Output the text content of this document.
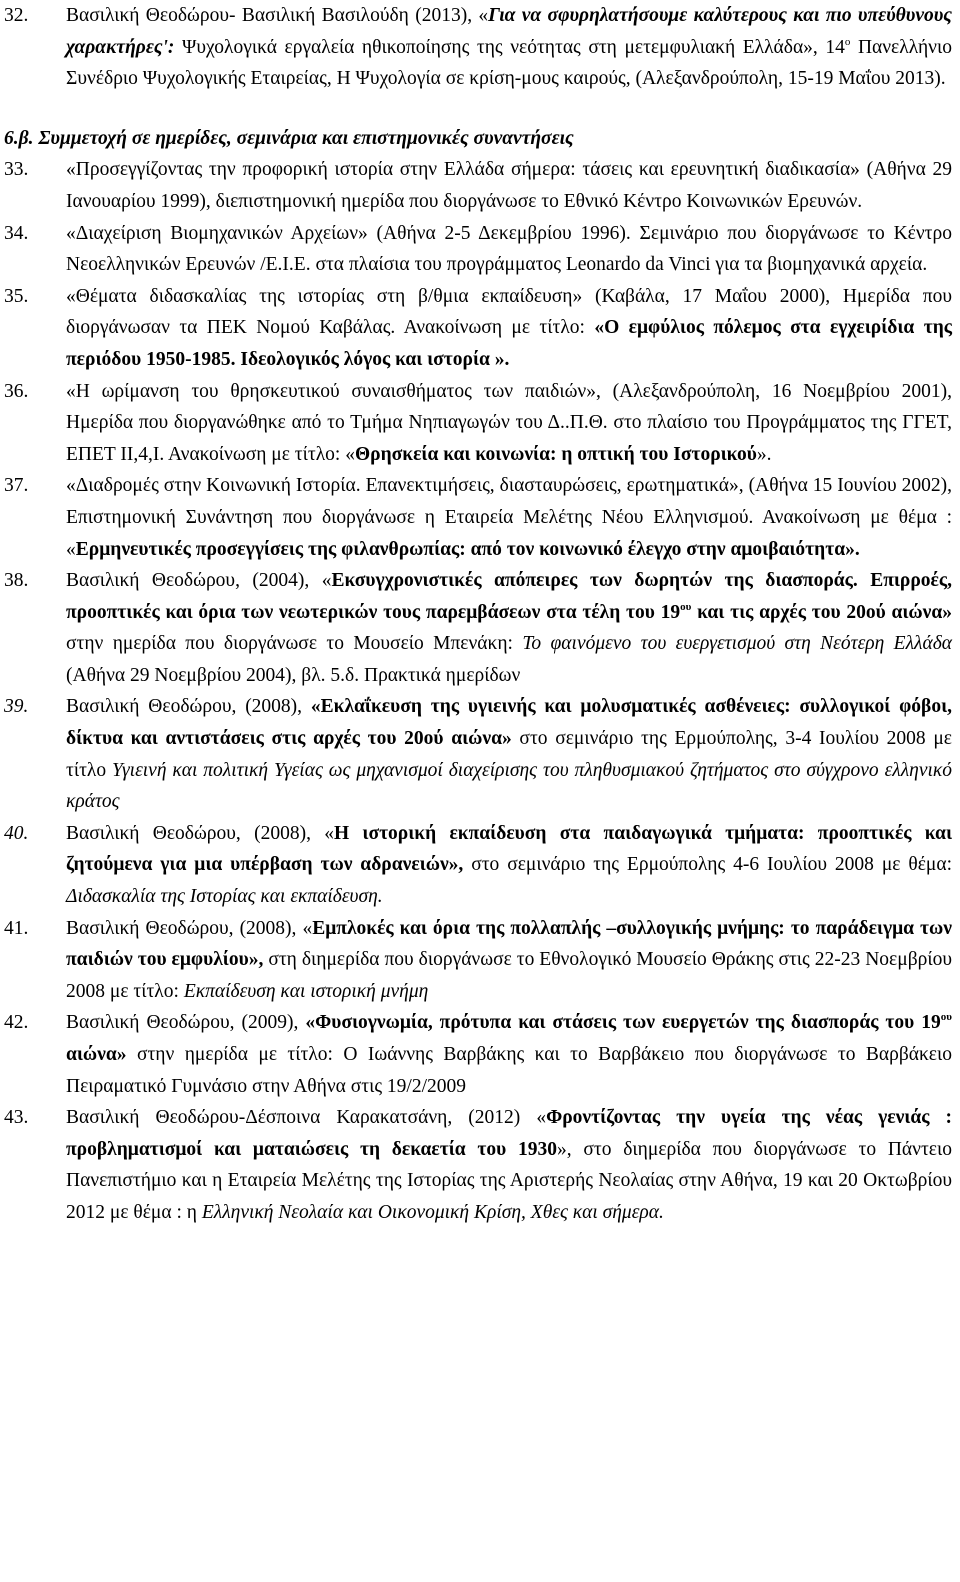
32.	Βασιλική Θεοδώρου- Βασιλική Βασιλούδη (2013), «Για να σφυρηλατήσουμε καλύτερους και πιο υπεύθυνους χαρακτήρες': Ψυχολογικά εργαλεία ηθικοποίησης της νεότητας στη μετεμφυλιακή Ελλάδα», $14^o$ Πανελλήνιο Συνέδριο Ψυχολογικής Εταιρείας, Η Ψυχολογία σε κρίση-μους καιρούς, (Αλεξανδρούπολη, 15-19 Μαΐου 2013).
6.β. Συμμετοχή σε ημερίδες, σεμινάρια και επιστημονικές συναντήσεις
33.	«Προσεγγίζοντας την προφορική ιστορία στην Ελλάδα σήμερα: τάσεις και ερευνητική διαδικασία» (Αθήνα 29 Ιανουαρίου 1999), διεπιστημονική ημερίδα που διοργάνωσε το Εθνικό Κέντρο Κοινωνικών Ερευνών.
34.	«Διαχείριση Βιομηχανικών Αρχείων» (Αθήνα 2-5 Δεκεμβρίου 1996). Σεμινάριο που διοργάνωσε το Κέντρο Νεοελληνικών Ερευνών /Ε.Ι.Ε. στα πλαίσια του προγράμματος Leonardo da Vinci για τα βιομηχανικά αρχεία.
35.	«Θέματα διδασκαλίας της ιστορίας στη β/θμια εκπαίδευση» (Καβάλα, 17 Μαΐου 2000), Ημερίδα που διοργάνωσαν τα ΠΕΚ Νομού Καβάλας. Ανακοίνωση με τίτλο: «Ο εμφύλιος πόλεμος στα εγχειρίδια της περιόδου 1950-1985. Ιδεολογικός λόγος και ιστορία ».
36.	«Η ωρίμανση του θρησκευτικού συναισθήματος των παιδιών», (Αλεξανδρούπολη, 16 Νοεμβρίου 2001), Ημερίδα που διοργανώθηκε από το Τμήμα Νηπιαγωγών του Δ..Π.Θ. στο πλαίσιο του Προγράμματος της ΓΓΕΤ, ΕΠΕΤ ΙΙ,4,Ι. Ανακοίνωση με τίτλο: «Θρησκεία και κοινωνία: η οπτική του Ιστορικού».
37.	«Διαδρομές στην Κοινωνική Ιστορία. Επανεκτιμήσεις, διασταυρώσεις, ερωτηματικά», (Αθήνα 15 Ιουνίου 2002), Επιστημονική Συνάντηση που διοργάνωσε η Εταιρεία Μελέτης Νέου Ελληνισμού. Ανακοίνωση με θέμα : «Ερμηνευτικές προσεγγίσεις της φιλανθρωπίας: από τον κοινωνικό έλεγχο στην αμοιβαιότητα».
38.	Βασιλική Θεοδώρου, (2004), «Εκσυγχρονιστικές απόπειρες των δωρητών της διασποράς. Επιρροές, προοπτικές και όρια των νεωτερικών τους παρεμβάσεων στα τέλη του $19^{o\upsilon}$ και τις αρχές του 20ού αιώνα» στην ημερίδα που διοργάνωσε το Μουσείο Μπενάκη: Το φαινόμενο του ευεργετισμού στη Νεότερη Ελλάδα (Αθήνα 29 Νοεμβρίου 2004), βλ. 5.δ. Πρακτικά ημερίδων
39.	Βασιλική Θεοδώρου, (2008), «Εκλαΐκευση της υγιεινής και μολυσματικές ασθένειες: συλλογικοί φόβοι, δίκτυα και αντιστάσεις στις αρχές του 20ού αιώνα» στο σεμινάριο της Ερμούπολης, 3-4 Ιουλίου 2008 με τίτλο Υγιεινή και πολιτική Υγείας ως μηχανισμοί διαχείρισης του πληθυσμιακού ζητήματος στο σύγχρονο ελληνικό κράτος
40.	Βασιλική Θεοδώρου, (2008), «Η ιστορική εκπαίδευση στα παιδαγωγικά τμήματα: προοπτικές και ζητούμενα για μια υπέρβαση των αδρανειών», στο σεμινάριο της Ερμούπολης 4-6 Ιουλίου 2008 με θέμα: Διδασκαλία της Ιστορίας και εκπαίδευση.
41.	Βασιλική Θεοδώρου, (2008), «Εμπλοκές και όρια της πολλαπλής –συλλογικής μνήμης: το παράδειγμα των παιδιών του εμφυλίου», στη διημερίδα που διοργάνωσε το Εθνολογικό Μουσείο Θράκης στις 22-23 Νοεμβρίου 2008 με τίτλο: Εκπαίδευση και ιστορική μνήμη
42.	Βασιλική Θεοδώρου, (2009), «Φυσιογνωμία, πρότυπα και στάσεις των ευεργετών της διασποράς του $19^{o\upsilon}$ αιώνα» στην ημερίδα με τίτλο: Ο Ιωάννης Βαρβάκης και το Βαρβάκειο που διοργάνωσε το Βαρβάκειο Πειραματικό Γυμνάσιο στην Αθήνα στις 19/2/2009
43.	Βασιλική Θεοδώρου-Δέσποινα Καρακατσάνη, (2012) «Φροντίζοντας την υγεία της νέας γενιάς : προβληματισμοί και ματαιώσεις τη δεκαετία του 1930», στο διημερίδα που διοργάνωσε το Πάντειο Πανεπιστήμιο και η Εταιρεία Μελέτης της Ιστορίας της Αριστερής Νεολαίας στην Αθήνα, 19 και 20 Οκτωβρίου 2012 με θέμα : η Ελληνική Νεολαία και Οικονομική Κρίση, Χθες και σήμερα.
